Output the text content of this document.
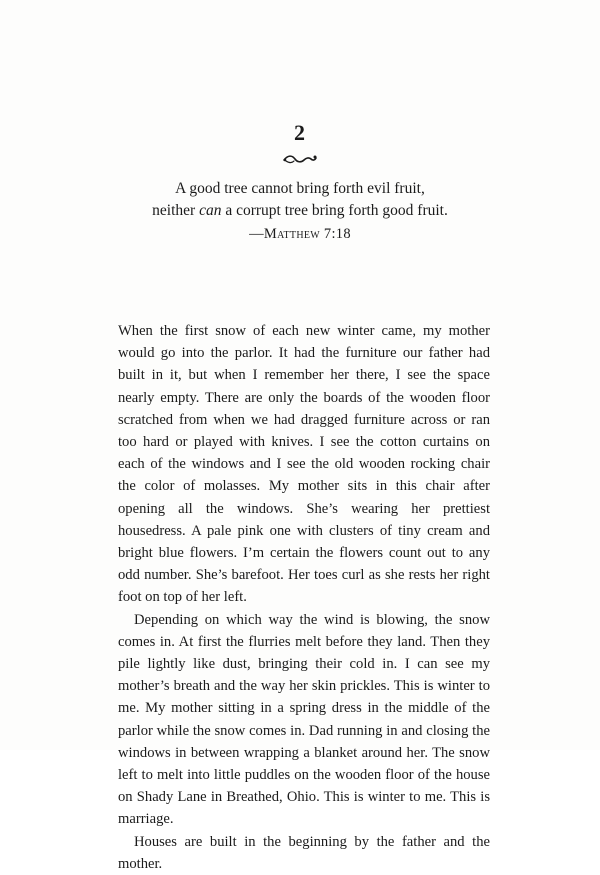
2
A good tree cannot bring forth evil fruit,
neither can a corrupt tree bring forth good fruit.
—Matthew 7:18

When the first snow of each new winter came, my mother would go into the parlor. It had the furniture our father had built in it, but when I remember her there, I see the space nearly empty. There are only the boards of the wooden floor scratched from when we had dragged furniture across or ran too hard or played with knives. I see the cotton curtains on each of the windows and I see the old wooden rocking chair the color of molasses. My mother sits in this chair after opening all the windows. She’s wearing her prettiest housedress. A pale pink one with clusters of tiny cream and bright blue flowers. I’m certain the flowers count out to any odd number. She’s barefoot. Her toes curl as she rests her right foot on top of her left.

Depending on which way the wind is blowing, the snow comes in. At first the flurries melt before they land. Then they pile lightly like dust, bringing their cold in. I can see my mother’s breath and the way her skin prickles. This is winter to me. My mother sitting in a spring dress in the middle of the parlor while the snow comes in. Dad running in and closing the windows in between wrapping a blanket around her. The snow left to melt into little puddles on the wooden floor of the house on Shady Lane in Breathed, Ohio. This is winter to me. This is marriage.

Houses are built in the beginning by the father and the mother.
